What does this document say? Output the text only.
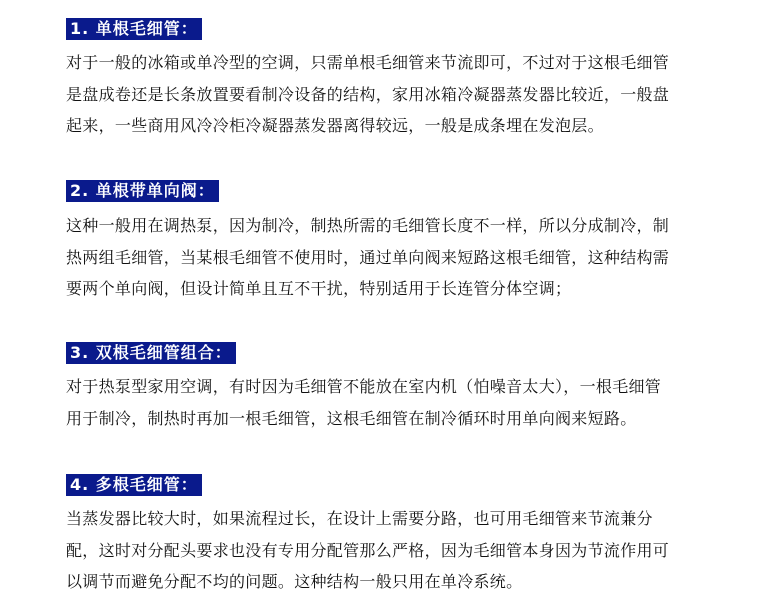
1. 单根毛细管：

对于一般的冰箱或单冷型的空调，只需单根毛细管来节流即可，不过对于这根毛细管
是盘成卷还是长条放置要看制冷设备的结构，家用冰箱冷凝器蒸发器比较近，一般盘
起来，一些商用风冷冷柜冷凝器蒸发器离得较远，一般是成条埋在发泡层。

2. 单根带单向阀：

这种一般用在调热泵，因为制冷，制热所需的毛细管长度不一样，所以分成制冷，制
热两组毛细管，当某根毛细管不使用时，通过单向阀来短路这根毛细管，这种结构需
要两个单向阀，但设计简单且互不干扰，特别适用于长连管分体空调；

3. 双根毛细管组合：

对于热泵型家用空调，有时因为毛细管不能放在室内机（怕噪音太大），一根毛细管
用于制冷，制热时再加一根毛细管，这根毛细管在制冷循环时用单向阀来短路。

4. 多根毛细管：

当蒸发器比较大时，如果流程过长，在设计上需要分路，也可用毛细管来节流兼分
配，这时对分配头要求也没有专用分配管那么严格，因为毛细管本身因为节流作用可
以调节而避免分配不均的问题。这种结构一般只用在单冷系统。
